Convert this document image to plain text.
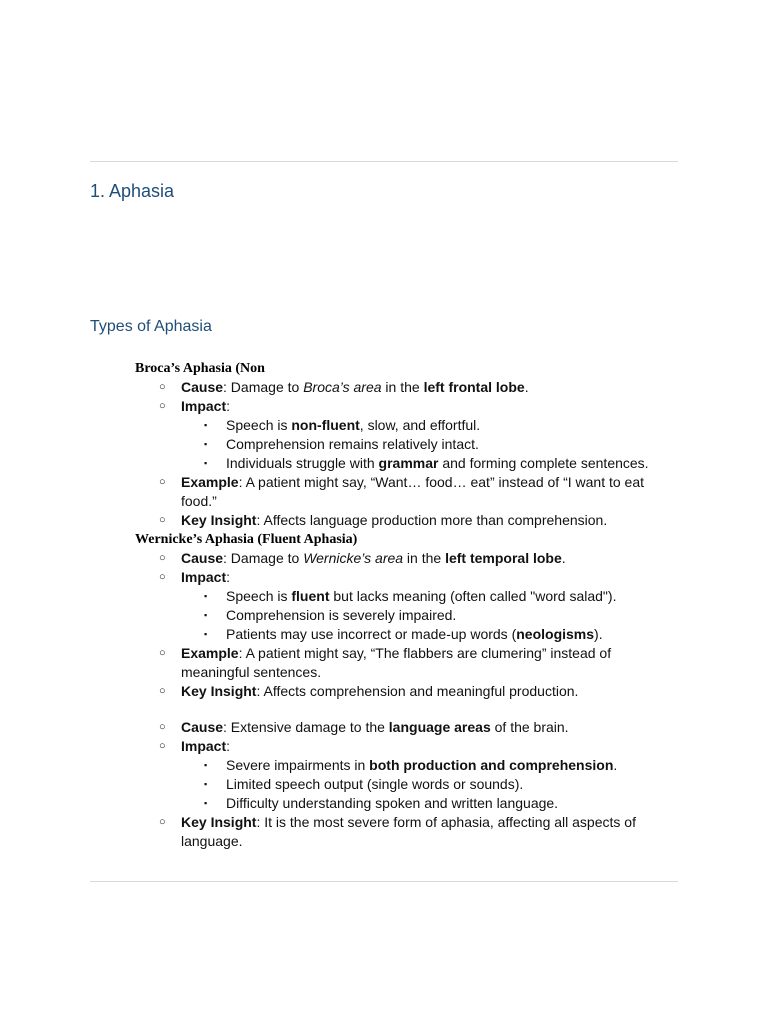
1. Aphasia
Types of Aphasia
Broca’s Aphasia (Non
○ Cause: Damage to Broca’s area in the left frontal lobe.
○ Impact:
▪ Speech is non-fluent, slow, and effortful.
▪ Comprehension remains relatively intact.
▪ Individuals struggle with grammar and forming complete sentences.
○ Example: A patient might say, “Want… food… eat” instead of “I want to eat food.”
○ Key Insight: Affects language production more than comprehension.
Wernicke’s Aphasia (Fluent Aphasia)
○ Cause: Damage to Wernicke’s area in the left temporal lobe.
○ Impact:
▪ Speech is fluent but lacks meaning (often called "word salad").
▪ Comprehension is severely impaired.
▪ Patients may use incorrect or made-up words (neologisms).
○ Example: A patient might say, “The flabbers are clumering” instead of meaningful sentences.
○ Key Insight: Affects comprehension and meaningful production.
○ Cause: Extensive damage to the language areas of the brain.
○ Impact:
▪ Severe impairments in both production and comprehension.
▪ Limited speech output (single words or sounds).
▪ Difficulty understanding spoken and written language.
○ Key Insight: It is the most severe form of aphasia, affecting all aspects of language.
